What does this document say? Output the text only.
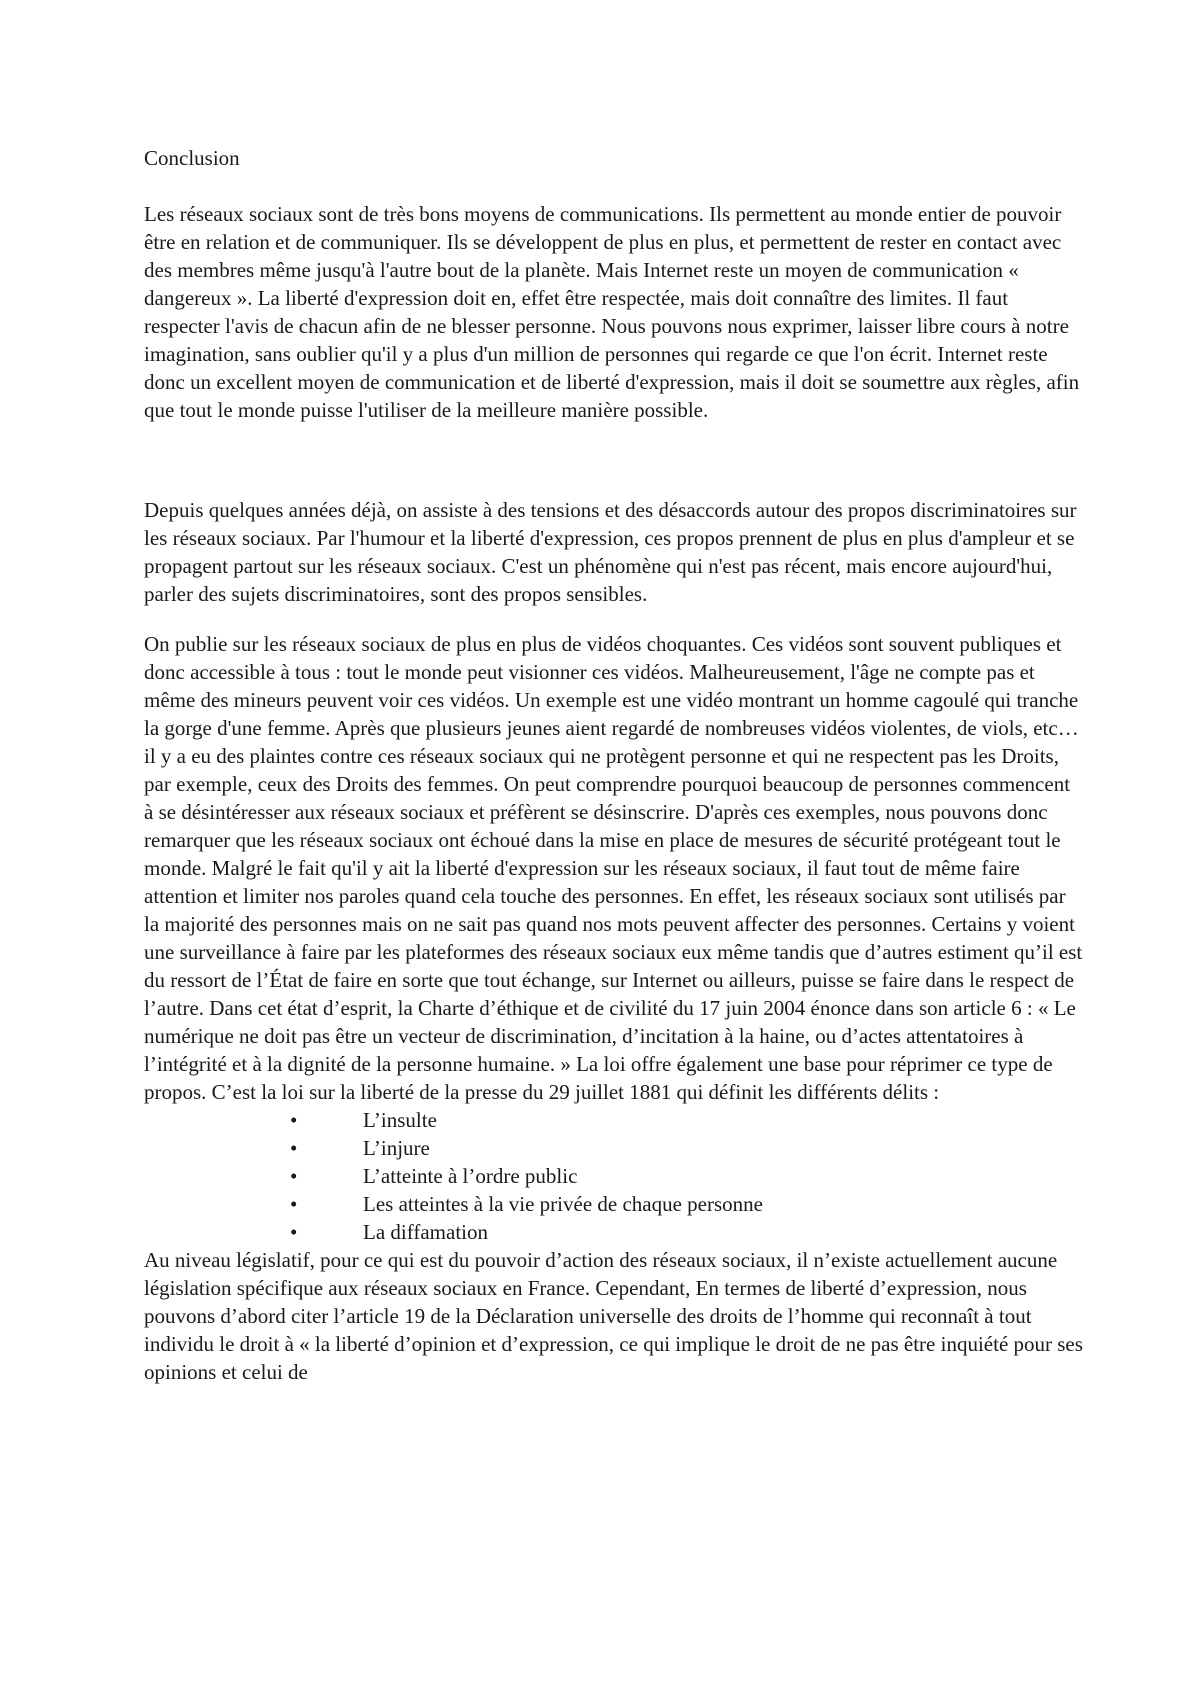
Conclusion

Les réseaux sociaux sont de très bons moyens de communications. Ils permettent au monde entier de pouvoir être en relation et de communiquer. Ils se développent de plus en plus, et permettent de rester en contact avec des membres même jusqu'à l'autre bout de la planète. Mais Internet reste un moyen de communication « dangereux ». La liberté d'expression doit en, effet être respectée, mais doit connaître des limites. Il faut respecter l'avis de chacun afin de ne blesser personne. Nous pouvons nous exprimer, laisser libre cours à notre imagination, sans oublier qu'il y a plus d'un million de personnes qui regarde ce que l'on écrit. Internet reste donc un excellent moyen de communication et de liberté d'expression, mais il doit se soumettre aux règles, afin que tout le monde puisse l'utiliser de la meilleure manière possible.

Depuis quelques années déjà, on assiste à des tensions et des désaccords autour des propos discriminatoires sur les réseaux sociaux. Par l'humour et la liberté d'expression, ces propos prennent de plus en plus d'ampleur et se propagent partout sur les réseaux sociaux. C'est un phénomène qui n'est pas récent, mais encore aujourd'hui, parler des sujets discriminatoires, sont des propos sensibles.

On publie sur les réseaux sociaux de plus en plus de vidéos choquantes. Ces vidéos sont souvent publiques et donc accessible à tous : tout le monde peut visionner ces vidéos. Malheureusement, l'âge ne compte pas et même des mineurs peuvent voir ces vidéos. Un exemple est une vidéo montrant un homme cagoulé qui tranche la gorge d'une femme. Après que plusieurs jeunes aient regardé de nombreuses vidéos violentes, de viols, etc… il y a eu des plaintes contre ces réseaux sociaux qui ne protègent personne et qui ne respectent pas les Droits, par exemple, ceux des Droits des femmes. On peut comprendre pourquoi beaucoup de personnes commencent à se désintéresser aux réseaux sociaux et préfèrent se désinscrire. D'après ces exemples, nous pouvons donc remarquer que les réseaux sociaux ont échoué dans la mise en place de mesures de sécurité protégeant tout le monde. Malgré le fait qu'il y ait la liberté d'expression sur les réseaux sociaux, il faut tout de même faire attention et limiter nos paroles quand cela touche des personnes. En effet, les réseaux sociaux sont utilisés par la majorité des personnes mais on ne sait pas quand nos mots peuvent affecter des personnes. Certains y voient une surveillance à faire par les plateformes des réseaux sociaux eux même tandis que d’autres estiment qu’il est du ressort de l’État de faire en sorte que tout échange, sur Internet ou ailleurs, puisse se faire dans le respect de l’autre. Dans cet état d’esprit, la Charte d’éthique et de civilité du 17 juin 2004 énonce dans son article 6 : « Le numérique ne doit pas être un vecteur de discrimination, d’incitation à la haine, ou d’actes attentatoires à l’intégrité et à la dignité de la personne humaine. » La loi offre également une base pour réprimer ce type de propos. C’est la loi sur la liberté de la presse du 29 juillet 1881 qui définit les différents délits :

•	L’insulte
•	L’injure
•	L’atteinte à l’ordre public
•	Les atteintes à la vie privée de chaque personne
•	La diffamation

Au niveau législatif, pour ce qui est du pouvoir d’action des réseaux sociaux, il n’existe actuellement aucune législation spécifique aux réseaux sociaux en France. Cependant, En termes de liberté d’expression, nous pouvons d’abord citer l’article 19 de la Déclaration universelle des droits de l’homme qui reconnaît à tout individu le droit à « la liberté d’opinion et d’expression, ce qui implique le droit de ne pas être inquiété pour ses opinions et celui de
